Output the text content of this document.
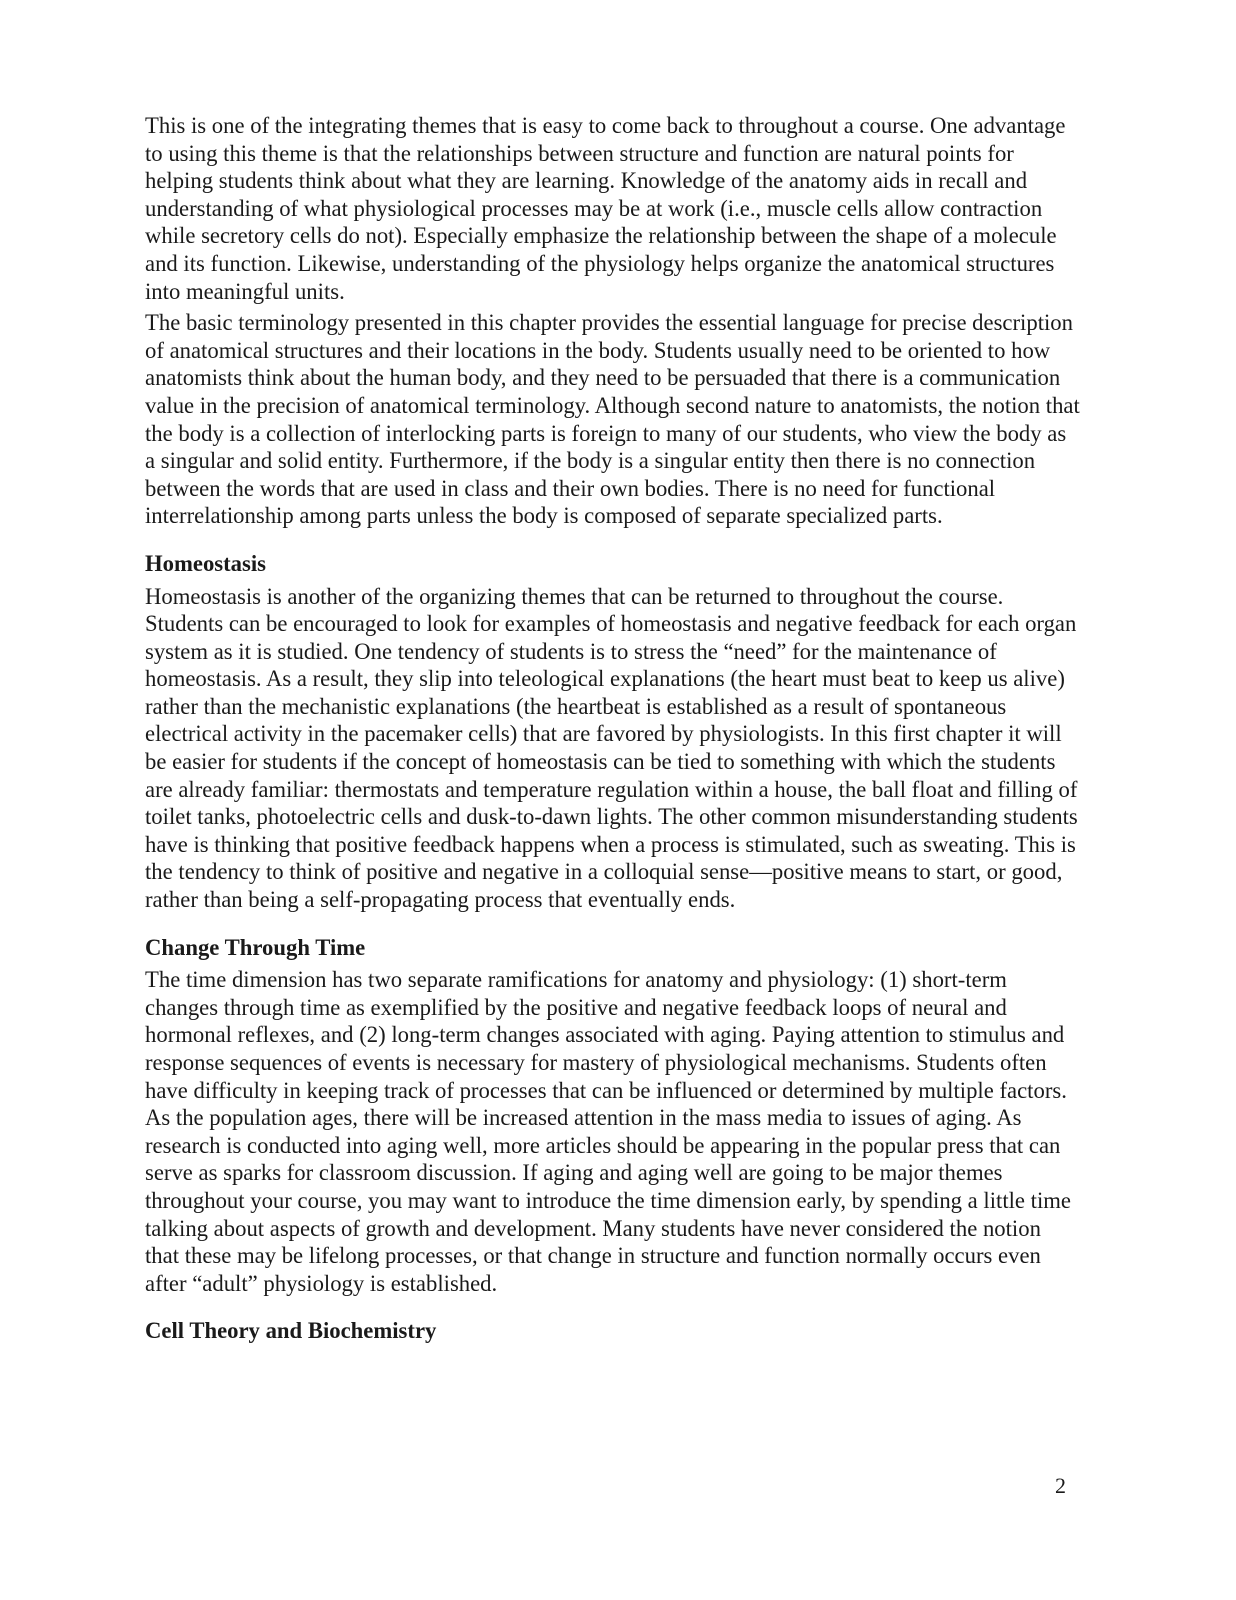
This is one of the integrating themes that is easy to come back to throughout a course. One advantage to using this theme is that the relationships between structure and function are natural points for helping students think about what they are learning. Knowledge of the anatomy aids in recall and understanding of what physiological processes may be at work (i.e., muscle cells allow contraction while secretory cells do not). Especially emphasize the relationship between the shape of a molecule and its function. Likewise, understanding of the physiology helps organize the anatomical structures into meaningful units.

The basic terminology presented in this chapter provides the essential language for precise description of anatomical structures and their locations in the body. Students usually need to be oriented to how anatomists think about the human body, and they need to be persuaded that there is a communication value in the precision of anatomical terminology. Although second nature to anatomists, the notion that the body is a collection of interlocking parts is foreign to many of our students, who view the body as a singular and solid entity. Furthermore, if the body is a singular entity then there is no connection between the words that are used in class and their own bodies. There is no need for functional interrelationship among parts unless the body is composed of separate specialized parts.

Homeostasis

Homeostasis is another of the organizing themes that can be returned to throughout the course. Students can be encouraged to look for examples of homeostasis and negative feedback for each organ system as it is studied. One tendency of students is to stress the “need” for the maintenance of homeostasis. As a result, they slip into teleological explanations (the heart must beat to keep us alive) rather than the mechanistic explanations (the heartbeat is established as a result of spontaneous electrical activity in the pacemaker cells) that are favored by physiologists. In this first chapter it will be easier for students if the concept of homeostasis can be tied to something with which the students are already familiar: thermostats and temperature regulation within a house, the ball float and filling of toilet tanks, photoelectric cells and dusk-to-dawn lights. The other common misunderstanding students have is thinking that positive feedback happens when a process is stimulated, such as sweating. This is the tendency to think of positive and negative in a colloquial sense—positive means to start, or good, rather than being a self-propagating process that eventually ends.

Change Through Time

The time dimension has two separate ramifications for anatomy and physiology: (1) short-term changes through time as exemplified by the positive and negative feedback loops of neural and hormonal reflexes, and (2) long-term changes associated with aging. Paying attention to stimulus and response sequences of events is necessary for mastery of physiological mechanisms. Students often have difficulty in keeping track of processes that can be influenced or determined by multiple factors. As the population ages, there will be increased attention in the mass media to issues of aging. As research is conducted into aging well, more articles should be appearing in the popular press that can serve as sparks for classroom discussion. If aging and aging well are going to be major themes throughout your course, you may want to introduce the time dimension early, by spending a little time talking about aspects of growth and development. Many students have never considered the notion that these may be lifelong processes, or that change in structure and function normally occurs even after “adult” physiology is established.

Cell Theory and Biochemistry
2
